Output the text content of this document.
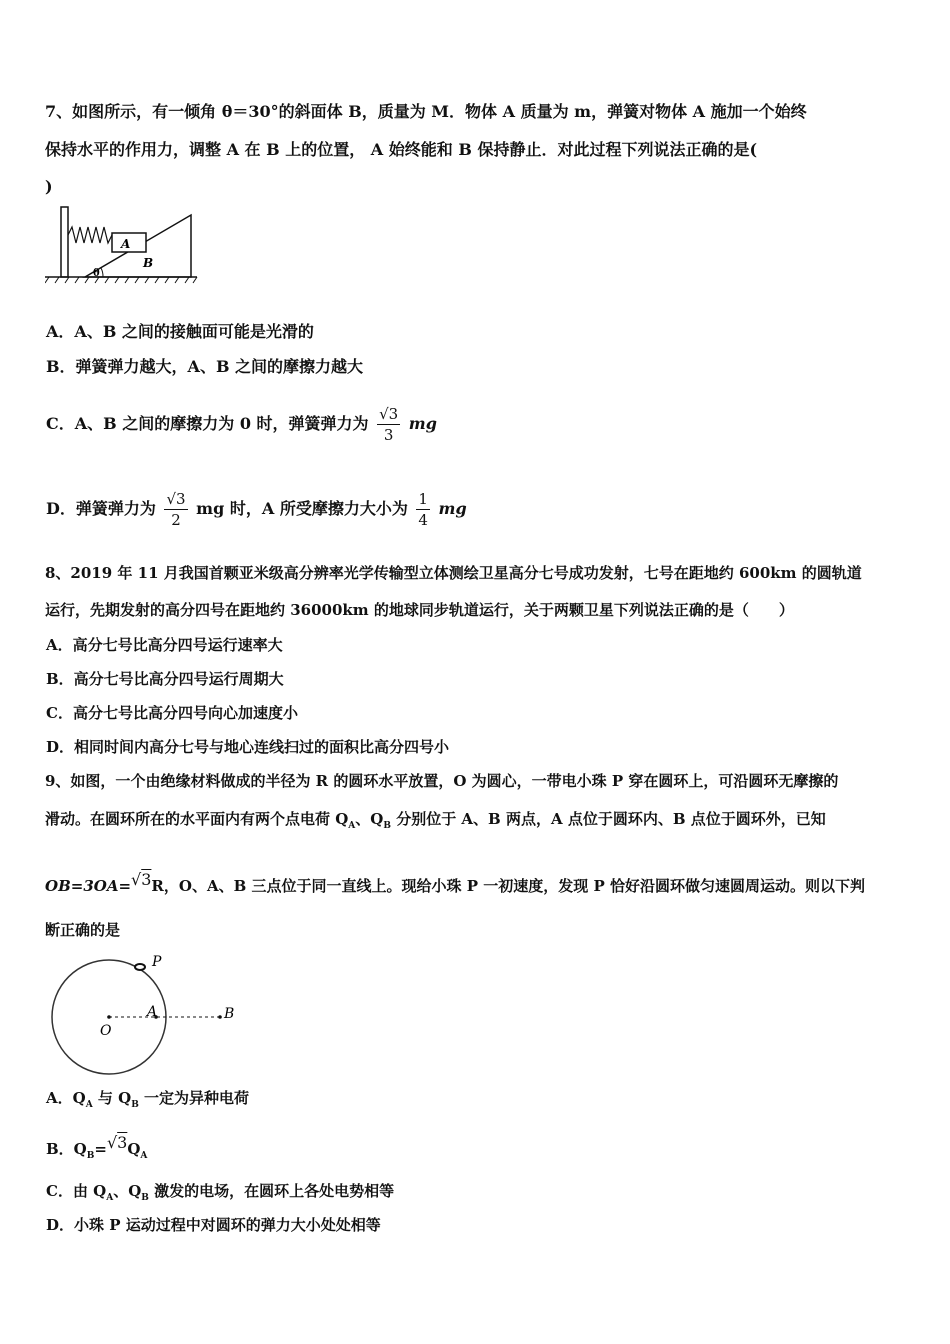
7、如图所示，有一倾角 θ＝30°的斜面体 B，质量为 M．物体 A 质量为 m，弹簧对物体 A 施加一个始终
保持水平的作用力，调整 A 在 B 上的位置， A 始终能和 B 保持静止．对此过程下列说法正确的是(
)
A
B
θ
A．A、B 之间的接触面可能是光滑的
B．弹簧弹力越大，A、B 之间的摩擦力越大
C．A、B 之间的摩擦力为 0 时，弹簧弹力为 $\frac{√3}{3}$ mg
D．弹簧弹力为 $\frac{√3}{2}$ mg 时，A 所受摩擦力大小为 $\frac{1}{4}$ mg
8、2019 年 11 月我国首颗亚米级高分辨率光学传输型立体测绘卫星高分七号成功发射，七号在距地约 600km 的圆轨道
运行，先期发射的高分四号在距地约 36000km 的地球同步轨道运行，关于两颗卫星下列说法正确的是（　　）
A．高分七号比高分四号运行速率大
B．高分七号比高分四号运行周期大
C．高分七号比高分四号向心加速度小
D．相同时间内高分七号与地心连线扫过的面积比高分四号小
9、如图，一个由绝缘材料做成的半径为 R 的圆环水平放置，O 为圆心，一带电小珠 P 穿在圆环上，可沿圆环无摩擦的
滑动。在圆环所在的水平面内有两个点电荷 $Q_A$、$Q_B$ 分别位于 A、B 两点，A 点位于圆环内、B 点位于圆环外，已知
OB=3OA=√3R，O、A、B 三点位于同一直线上。现给小珠 P 一初速度，发现 P 恰好沿圆环做匀速圆周运动。则以下判
断正确的是
P
O
A	B
A．$Q_A$ 与 $Q_B$ 一定为异种电荷
B．$Q_B=√3Q_A$
C．由 $Q_A$、$Q_B$ 激发的电场，在圆环上各处电势相等
D．小珠 P 运动过程中对圆环的弹力大小处处相等
